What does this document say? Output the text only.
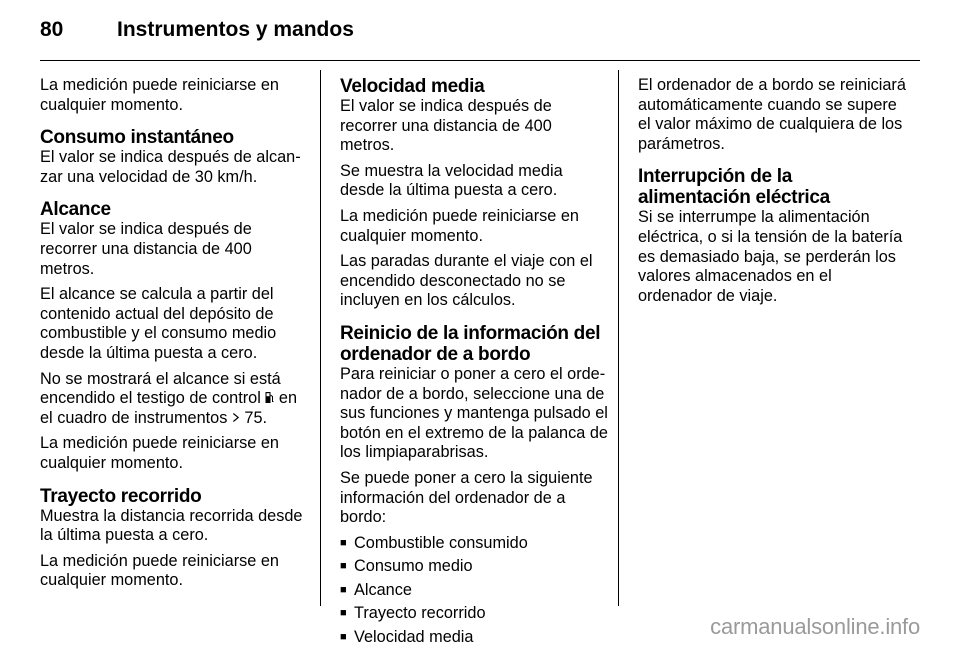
80	Instrumentos y mandos

La medición puede reiniciarse en cualquier momento.

Consumo instantáneo

El valor se indica después de alcanzar una velocidad de 30 km/h.

Alcance

El valor se indica después de recorrer una distancia de 400 metros.

El alcance se calcula a partir del contenido actual del depósito de combustible y el consumo medio desde la última puesta a cero.

No se mostrará el alcance si está encendido el testigo de control  en el cuadro de instrumentos  75.

La medición puede reiniciarse en cualquier momento.

Trayecto recorrido

Muestra la distancia recorrida desde la última puesta a cero.

La medición puede reiniciarse en cualquier momento.

Velocidad media

El valor se indica después de recorrer una distancia de 400 metros.

Se muestra la velocidad media desde la última puesta a cero.

La medición puede reiniciarse en cualquier momento.

Las paradas durante el viaje con el encendido desconectado no se incluyen en los cálculos.

Reinicio de la información del ordenador de a bordo

Para reiniciar o poner a cero el ordenador de a bordo, seleccione una de sus funciones y mantenga pulsado el botón en el extremo de la palanca de los limpiaparabrisas.

Se puede poner a cero la siguiente información del ordenador de a bordo:

■ Combustible consumido
■ Consumo medio
■ Alcance
■ Trayecto recorrido
■ Velocidad media

El ordenador de a bordo se reiniciará automáticamente cuando se supere el valor máximo de cualquiera de los parámetros.

Interrupción de la alimentación eléctrica

Si se interrumpe la alimentación eléctrica, o si la tensión de la batería es demasiado baja, se perderán los valores almacenados en el ordenador de viaje.

carmanualsonline.info
